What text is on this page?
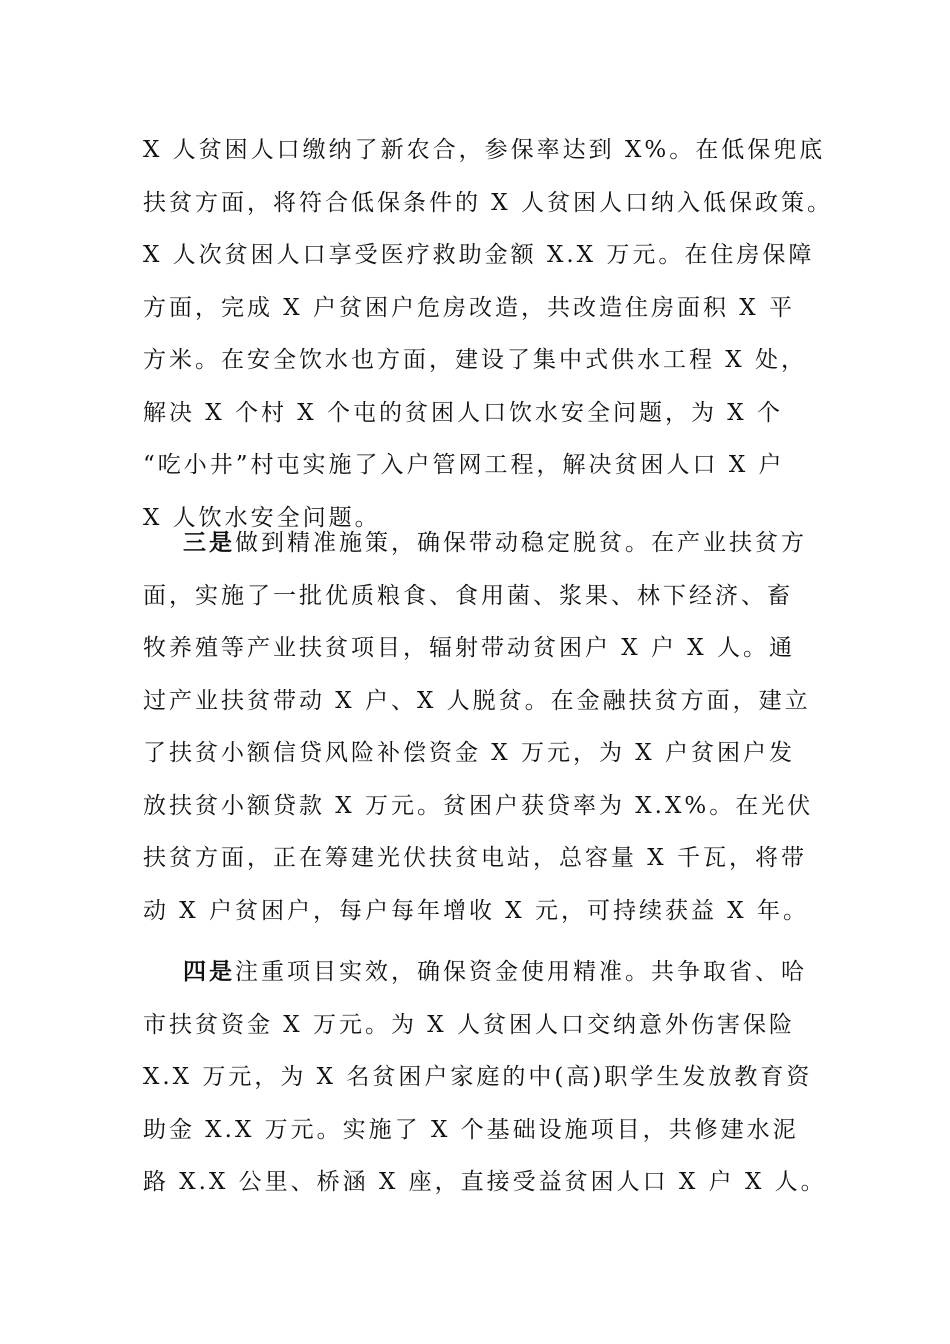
X 人贫困人口缴纳了新农合，参保率达到 X%。在低保兜底
扶贫方面，将符合低保条件的 X 人贫困人口纳入低保政策。
X 人次贫困人口享受医疗救助金额 X.X 万元。在住房保障
方面，完成 X 户贫困户危房改造，共改造住房面积 X 平
方米。在安全饮水也方面，建设了集中式供水工程 X 处，
解决 X 个村 X 个屯的贫困人口饮水安全问题，为 X 个
“吃小井”村屯实施了入户管网工程，解决贫困人口 X 户
X 人饮水安全问题。
三是做到精准施策，确保带动稳定脱贫。在产业扶贫方
面，实施了一批优质粮食、食用菌、浆果、林下经济、畜
牧养殖等产业扶贫项目，辐射带动贫困户 X 户 X 人。通
过产业扶贫带动 X 户、X 人脱贫。在金融扶贫方面，建立
了扶贫小额信贷风险补偿资金 X 万元，为 X 户贫困户发
放扶贫小额贷款 X 万元。贫困户获贷率为 X.X%。在光伏
扶贫方面，正在筹建光伏扶贫电站，总容量 X 千瓦，将带
动 X 户贫困户，每户每年增收 X 元，可持续获益 X 年。
四是注重项目实效，确保资金使用精准。共争取省、哈
市扶贫资金 X 万元。为 X 人贫困人口交纳意外伤害保险
X.X 万元，为 X 名贫困户家庭的中(高)职学生发放教育资
助金 X.X 万元。实施了 X 个基础设施项目，共修建水泥
路 X.X 公里、桥涵 X 座，直接受益贫困人口 X 户 X 人。
